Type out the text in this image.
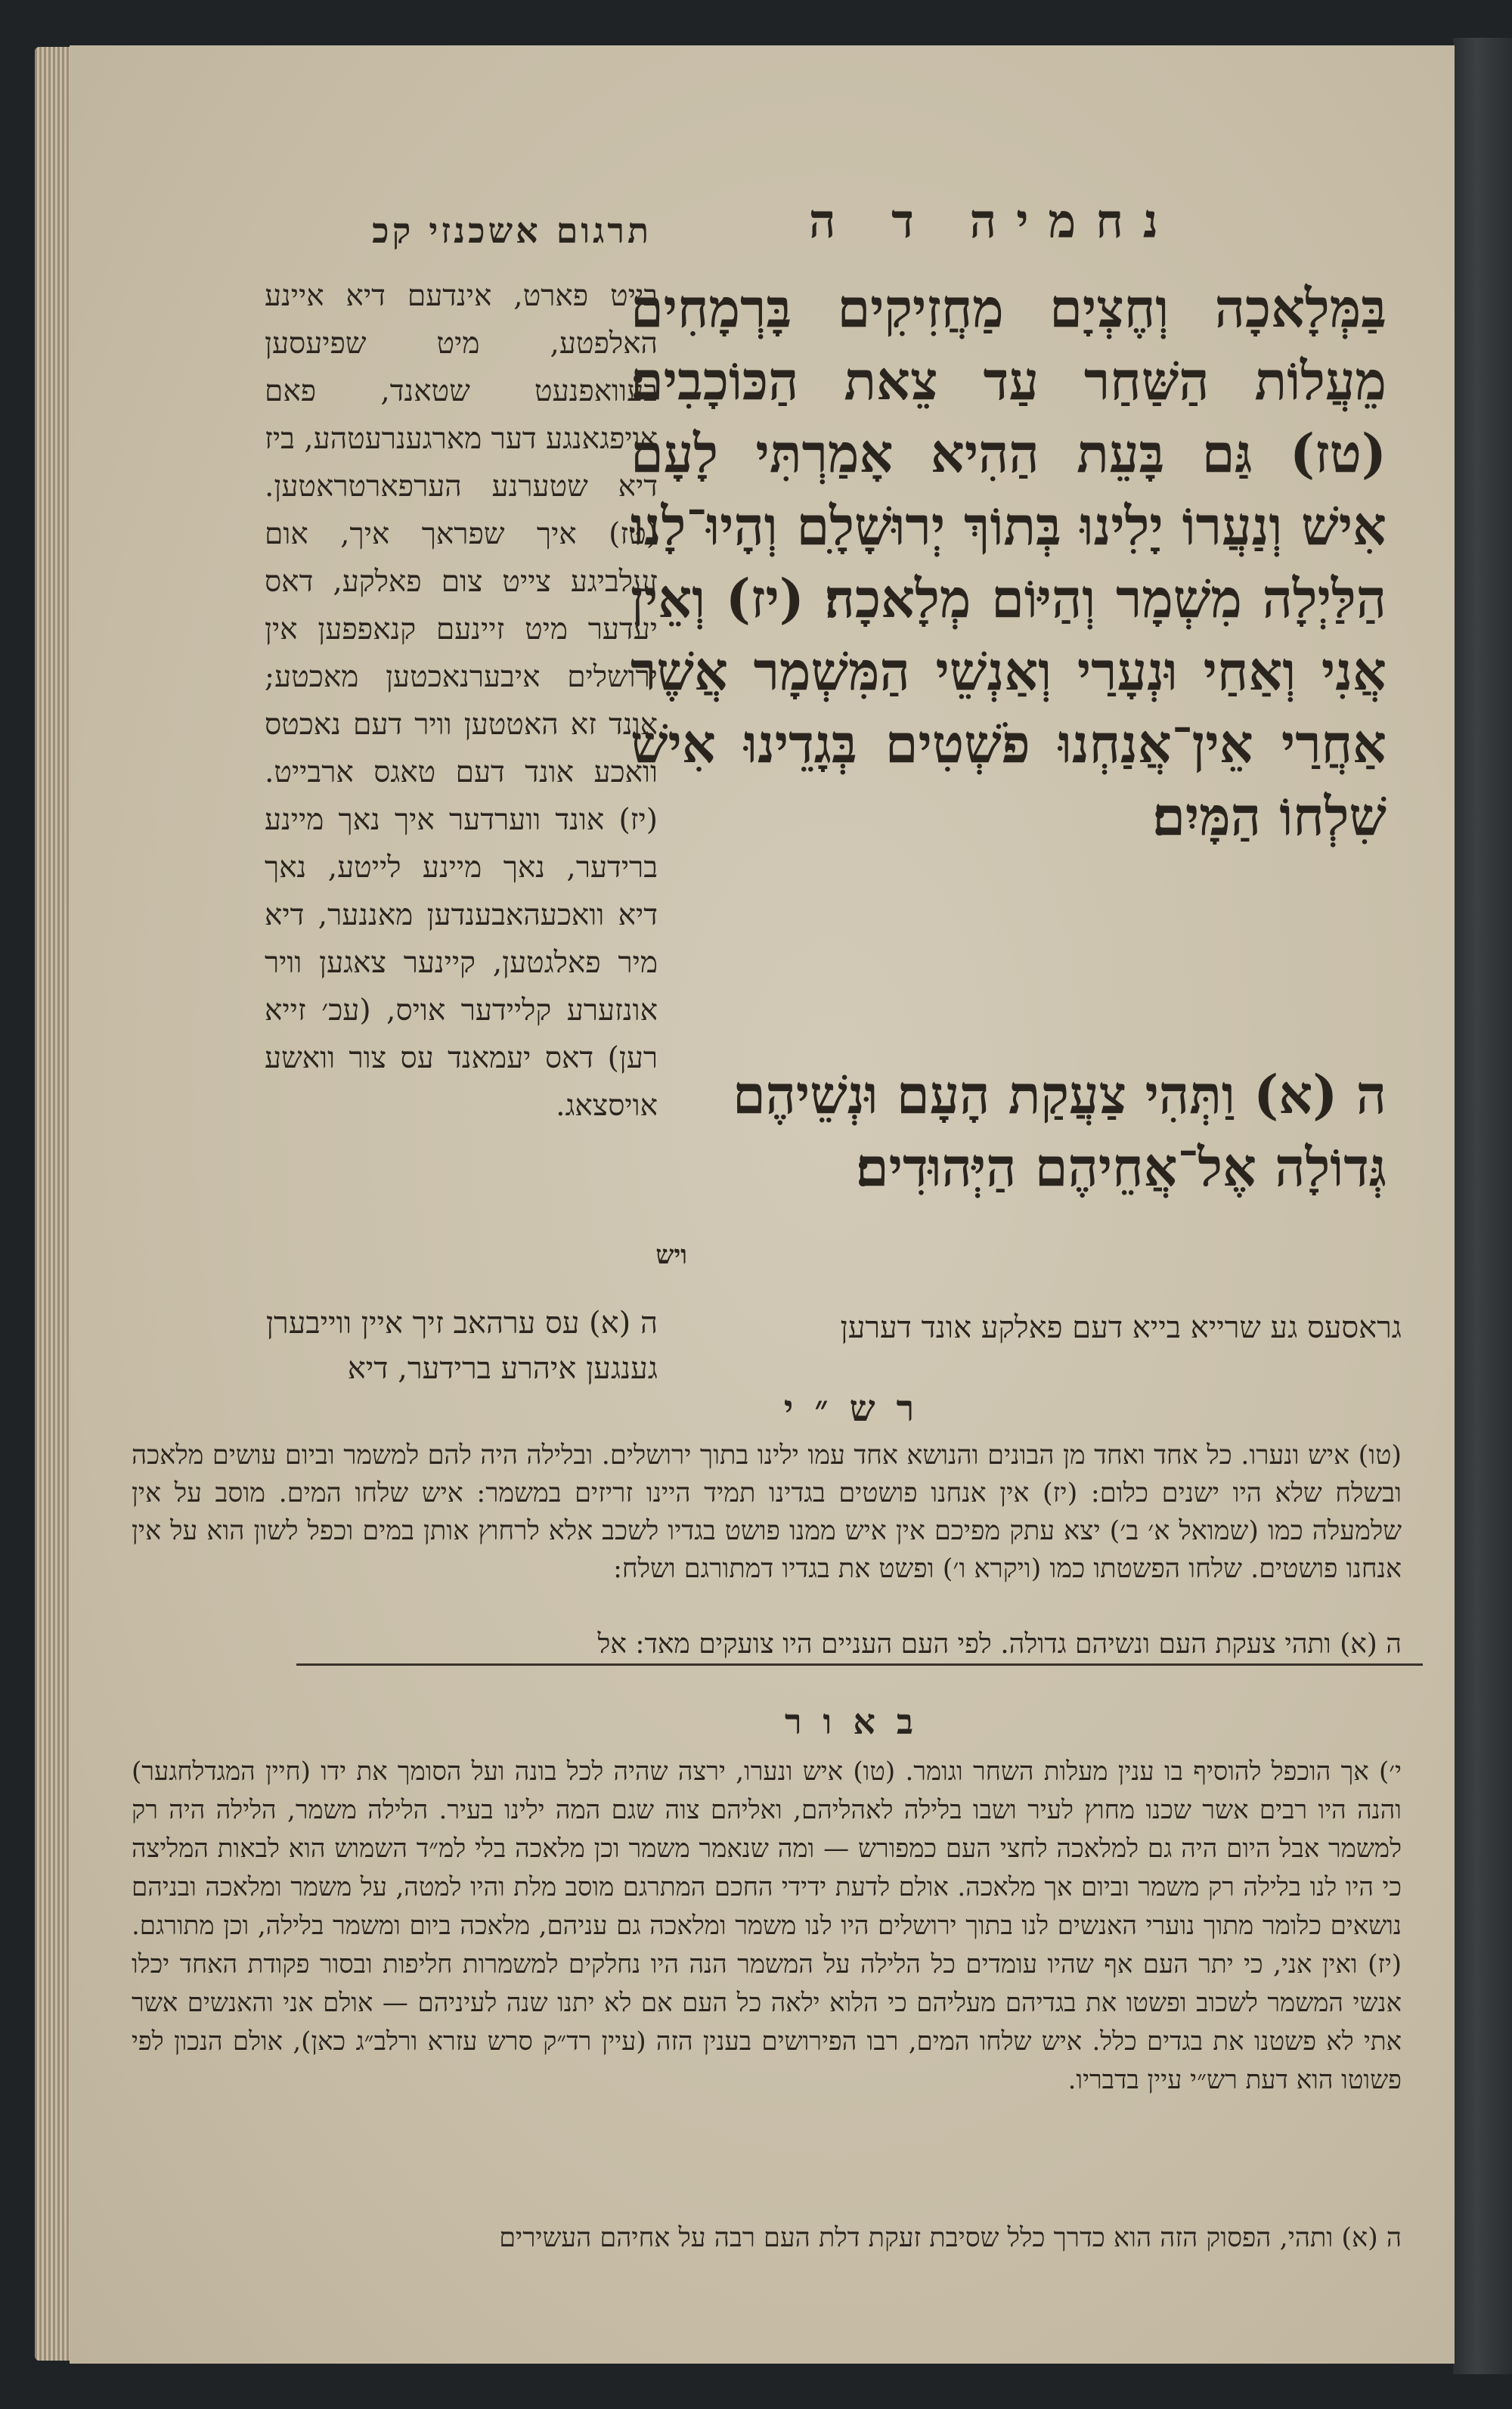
נחמיה ד ה
תרגום אשכנזי קכ
בַּמְּלָאכָה וְחֶצְיָם מַחֲזִיקִים בָּרְמָחִים מֵעֲלוֹת הַשַּׁחַר עַד צֵאת הַכּוֹכָבִים׃ (טז) גַּם בָּעֵת הַהִיא אָמַרְתִּי לָעָם אִישׁ וְנַעֲרוֹ יָלִינוּ בְּתוֹךְ יְרוּשָׁלָ‍ִם וְהָיוּ־לָנוּ הַלַּיְלָה מִשְׁמָר וְהַיּוֹם מְלָאכָה׃ (יז) וְאֵין אֲנִי וְאַחַי וּנְעָרַי וְאַנְשֵׁי הַמִּשְׁמָר אֲשֶׁר אַחֲרַי אֵין־אֲנַחְנוּ פֹשְׁטִים בְּגָדֵינוּ אִישׁ שִׁלְחוֹ הַמָּיִם׃
ה (א) וַתְּהִי צַעֲקַת הָעָם וּנְשֵׁיהֶם גְּדוֹלָה אֶל־אֲחֵיהֶם הַיְּהוּדִים׃
ויש
בייט פארט, אינדעם דיא איינע האלפטע, מיט שפיעסען בעוואפנעט שטאנד, פאם אויפגאנגע דער מארגענרעטהע, ביז דיא שטערנע הערפארטראטען. (טז) איך שפראך איך, אום זעלביגע צייט צום פאלקע, דאס יעדער מיט זיינעם קנאפפען אין ירושלים איבערנאכטען מאכטע; אונד זא האטטען וויר דעם נאכטס וואכע אונד דעם טאגס ארבייט. (יז) אונד ווערדער איך נאך מיינע ברידער, נאך מיינע לייטע, נאך דיא וואכעהאבענדען מאננער, דיא מיר פאלגטען, קיינער צאגען וויר אונזערע קליידער אויס, (עכ׳ זייא רען) דאס יעמאנד עס צור וואשע אויסצאג.
ה (א) עס ערהאב זיך איין ווייבערן גענגען איהרע ברידער, דיא
גראסעס גע שרייא בייא דעם פאלקע אונד דערען
רש״י
(טו) איש ונערו. כל אחד ואחד מן הבונים והנושא אחד עמו ילינו בתוך ירושלים. ובלילה היה להם למשמר וביום עושים מלאכה ובשלח שלא היו ישנים כלום: (יז) אין אנחנו פושטים בגדינו תמיד היינו זריזים במשמר: איש שלחו המים. מוסב על אין שלמעלה כמו (שמואל א׳ ב׳) יצא עתק מפיכם אין איש ממנו פושט בגדיו לשכב אלא לרחוץ אותן במים וכפל לשון הוא על אין אנחנו פושטים. שלחו הפשטתו כמו (ויקרא ו׳) ופשט את בגדיו דמתורגם ושלח:
ה (א) ותהי צעקת העם ונשיהם גדולה. לפי העם העניים היו צועקים מאד: אל
באור
י׳) אך הוכפל להוסיף בו ענין מעלות השחר וגומר. (טו) איש ונערו, ירצה שהיה לכל בונה ועל הסומך את ידו (חיין המגדלחגער) והנה היו רבים אשר שכנו מחוץ לעיר ושבו בלילה לאהליהם, ואליהם צוה שגם המה ילינו בעיר. הלילה משמר, הלילה היה רק למשמר אבל היום היה גם למלאכה לחצי העם כמפורש — ומה שנאמר משמר וכן מלאכה בלי למ״ד השמוש הוא לבאות המליצה כי היו לנו בלילה רק משמר וביום אך מלאכה. אולם לדעת ידידי החכם המתרגם מוסב מלת והיו למטה, על משמר ומלאכה ובניהם נושאים כלומר מתוך נוערי האנשים לנו בתוך ירושלים היו לנו משמר ומלאכה גם עניהם, מלאכה ביום ומשמר בלילה, וכן מתורגם. (יז) ואין אני, כי יתר העם אף שהיו עומדים כל הלילה על המשמר הנה היו נחלקים למשמרות חליפות ובסור פקודת האחד יכלו אנשי המשמר לשכוב ופשטו את בגדיהם מעליהם כי הלוא ילאה כל העם אם לא יתנו שנה לעיניהם — אולם אני והאנשים אשר אתי לא פשטנו את בגדים כלל. איש שלחו המים, רבו הפירושים בענין הזה (עיין רד״ק סרש עזרא ורלב״ג כאן), אולם הנכון לפי פשוטו הוא דעת רש״י עיין בדבריו.
ה (א) ותהי, הפסוק הזה הוא כדרך כלל שסיבת זעקת דלת העם רבה על אחיהם העשירים
